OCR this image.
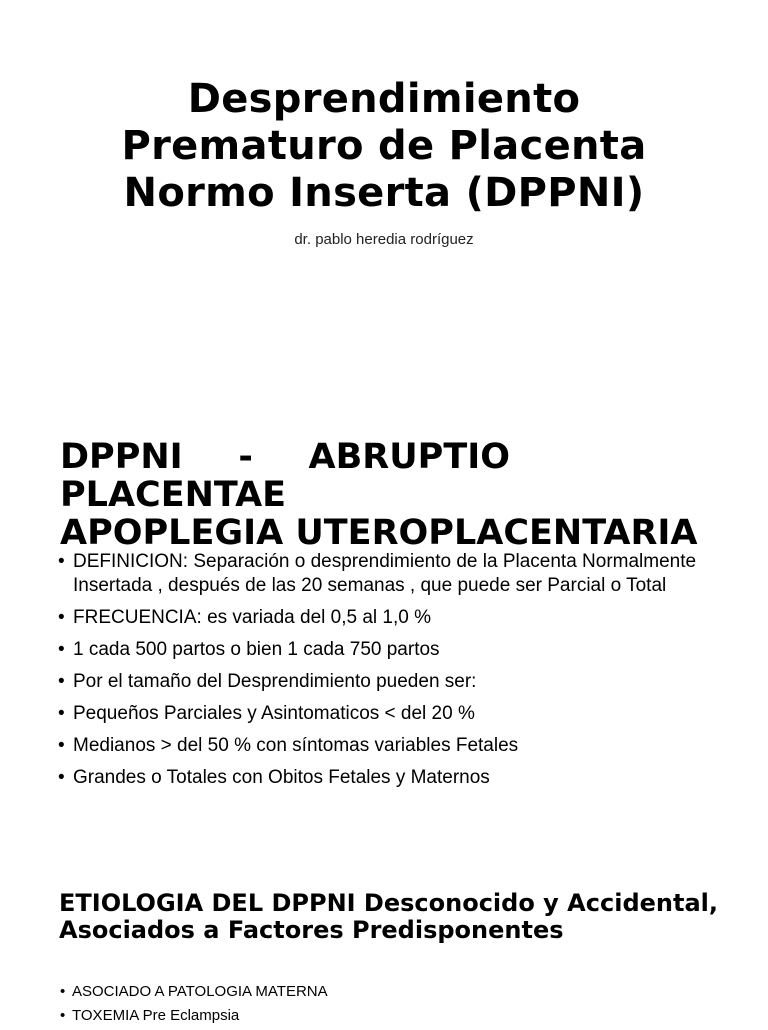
Desprendimiento
Prematuro de Placenta
Normo Inserta (DPPNI)
dr. pablo heredia rodríguez
DPPNI - ABRUPTIO
PLACENTAE
APOPLEGIA UTEROPLACENTARIA
• DEFINICION: Separación o desprendimiento de la Placenta Normalmente Insertada , después de las 20 semanas , que puede ser Parcial o Total
• FRECUENCIA: es variada del 0,5 al 1,0 %
• 1 cada 500 partos o bien 1 cada 750 partos
• Por el tamaño del Desprendimiento pueden ser:
• Pequeños Parciales y Asintomaticos < del 20 %
• Medianos > del 50 % con síntomas variables Fetales
• Grandes o Totales con Obitos Fetales y Maternos
ETIOLOGIA DEL DPPNI Desconocido y Accidental, Asociados a Factores Predisponentes
• ASOCIADO A PATOLOGIA MATERNA
• TOXEMIA Pre Eclampsia
